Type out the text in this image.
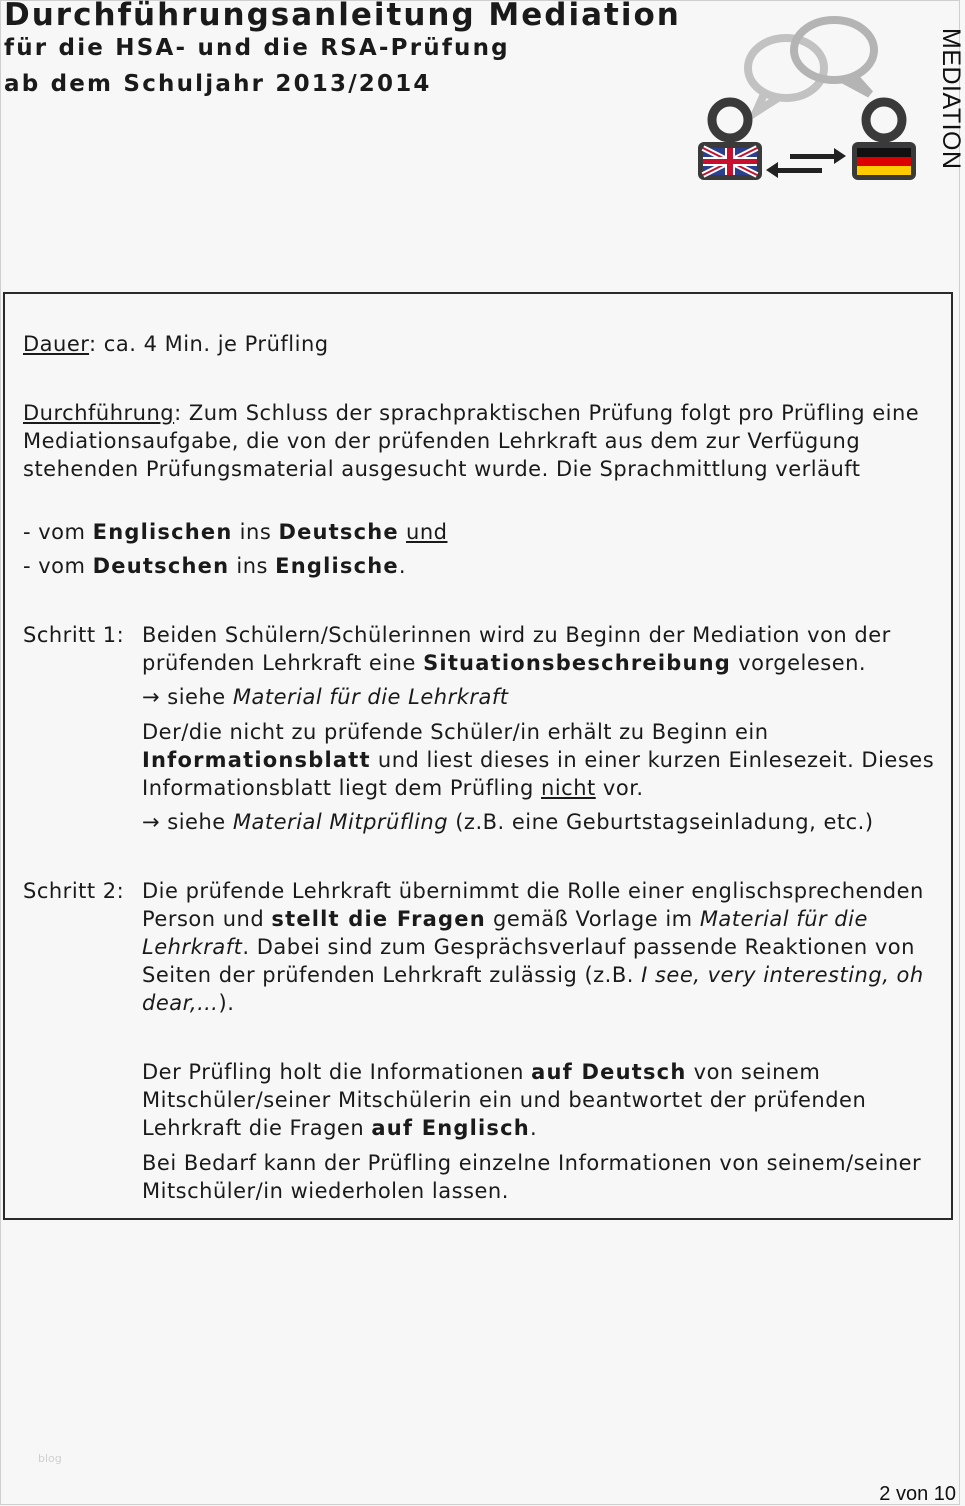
Durchführungsanleitung Mediation

für die HSA- und die RSA-Prüfung

ab dem Schuljahr 2013/2014	MEDIATION
Dauer: ca. 4 Min. je Prüfling
Durchführung: Zum Schluss der sprachpraktischen Prüfung folgt pro Prüfling eine Mediationsaufgabe, die von der prüfenden Lehrkraft aus dem zur Verfügung stehenden Prüfungsmaterial ausgesucht wurde. Die Sprachmittlung verläuft
- vom Englischen ins Deutsche und
- vom Deutschen ins Englische.
Schritt 1: Beiden Schülern/Schülerinnen wird zu Beginn der Mediation von der prüfenden Lehrkraft eine Situationsbeschreibung vorgelesen.
→ siehe Material für die Lehrkraft
Der/die nicht zu prüfende Schüler/in erhält zu Beginn ein Informationsblatt und liest dieses in einer kurzen Einlesezeit. Dieses Informationsblatt liegt dem Prüfling nicht vor.
→ siehe Material Mitprüfling (z.B. eine Geburtstagseinladung, etc.)
Schritt 2: Die prüfende Lehrkraft übernimmt die Rolle einer englischsprechenden Person und stellt die Fragen gemäß Vorlage im Material für die Lehrkraft. Dabei sind zum Gesprächsverlauf passende Reaktionen von Seiten der prüfenden Lehrkraft zulässig (z.B. I see, very interesting, oh dear,…).
Der Prüfling holt die Informationen auf Deutsch von seinem Mitschüler/seiner Mitschülerin ein und beantwortet der prüfenden Lehrkraft die Fragen auf Englisch.
Bei Bedarf kann der Prüfling einzelne Informationen von seinem/seiner Mitschüler/in wiederholen lassen.
blog
2 von 10
